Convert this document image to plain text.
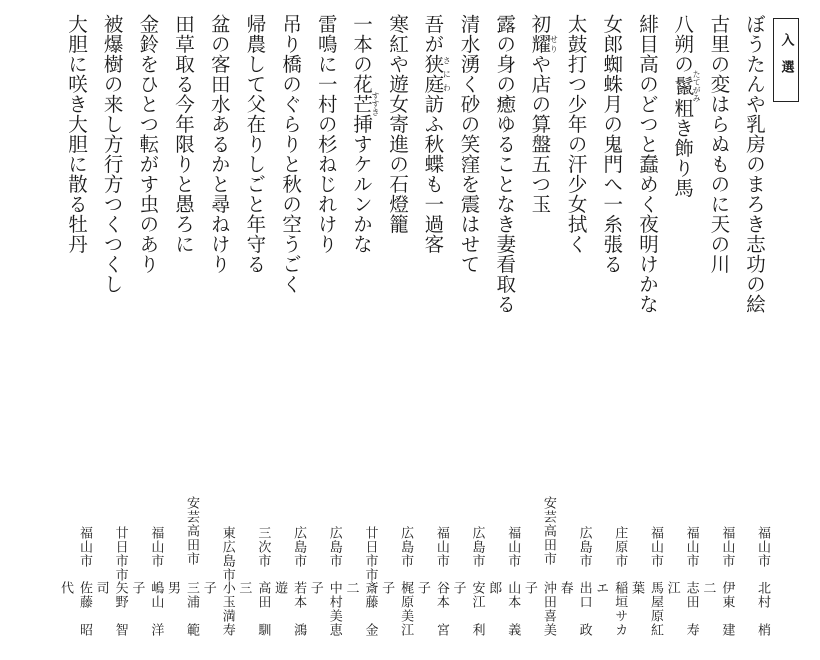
入選
ぼうたんや乳房のまろき志功の絵
福山市
北村　梢
古里の変はらぬものに天の川
福山市
伊東　建二
八朔の鬣たてがみ粗き飾り馬
福山市
志田　寿江
緋目高のどつと蠢めく夜明けかな
福山市
馬屋原紅葉
女郎蜘蛛月の鬼門へ一糸張る
庄原市
稲垣サカエ
太鼓打つ少年の汗少女拭く
広島市
出口　政春
初耀せりや店の算盤五つ玉
安芸高田市
沖田喜美子
露の身の癒ゆることなき妻看取る
福山市
山本　義郎
清水湧く砂の笑窪を震はせて
広島市
安江　利子
吾が狭庭さにわ訪ふ秋蝶も一過客
福山市
谷本　宮子
寒紅や遊女寄進の石燈籠
広島市
梶原美江子
一本の花芒すすき挿すケルンかな
廿日市市
斎藤　金二
雷鳴に一村の杉ねじれけり
広島市
中村美恵子
吊り橋のぐらりと秋の空うごく
広島市
若本　鴻遊
帰農して父在りしごと年守る
三次市
高田　馴三
盆の客田水あるかと尋ねけり
東広島市
小玉満寿子
田草取る今年限りと愚ろに
安芸高田市
三浦　範男
金鈴をひとつ転がす虫のあり
福山市
嶋山　洋子
被爆樹の来し方行方つくつくし
廿日市市
矢野　智司
大胆に咲き大胆に散る牡丹
福山市
佐藤　昭代
